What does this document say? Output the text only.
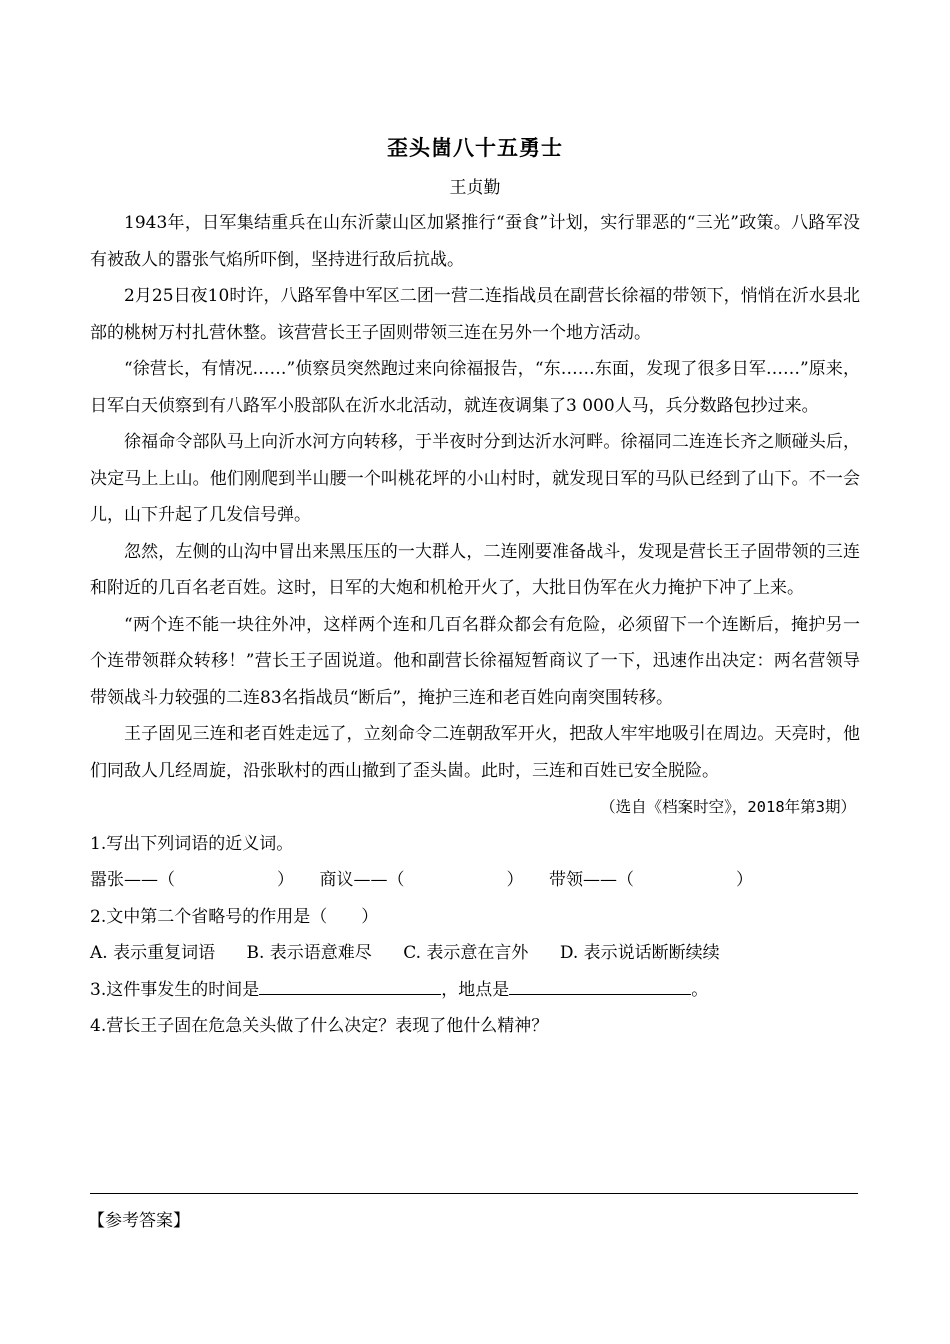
歪头崮八十五勇士
王贞勤

1943年，日军集结重兵在山东沂蒙山区加紧推行“蚕食”计划，实行罪恶的“三光”政策。八路军没有被敌人的嚣张气焰所吓倒，坚持进行敌后抗战。

2月25日夜10时许，八路军鲁中军区二团一营二连指战员在副营长徐福的带领下，悄悄在沂水县北部的桃树万村扎营休整。该营营长王子固则带领三连在另外一个地方活动。

“徐营长，有情况……”侦察员突然跑过来向徐福报告，“东……东面，发现了很多日军……”原来，日军白天侦察到有八路军小股部队在沂水北活动，就连夜调集了3 000人马，兵分数路包抄过来。

徐福命令部队马上向沂水河方向转移，于半夜时分到达沂水河畔。徐福同二连连长齐之顺碰头后，决定马上上山。他们刚爬到半山腰一个叫桃花坪的小山村时，就发现日军的马队已经到了山下。不一会儿，山下升起了几发信号弹。

忽然，左侧的山沟中冒出来黑压压的一大群人，二连刚要准备战斗，发现是营长王子固带领的三连和附近的几百名老百姓。这时，日军的大炮和机枪开火了，大批日伪军在火力掩护下冲了上来。

“两个连不能一块往外冲，这样两个连和几百名群众都会有危险，必须留下一个连断后，掩护另一个连带领群众转移！”营长王子固说道。他和副营长徐福短暂商议了一下，迅速作出决定：两名营领导带领战斗力较强的二连83名指战员“断后”，掩护三连和老百姓向南突围转移。

王子固见三连和老百姓走远了，立刻命令二连朝敌军开火，把敌人牢牢地吸引在周边。天亮时，他们同敌人几经周旋，沿张耿村的西山撤到了歪头崮。此时，三连和百姓已安全脱险。

（选自《档案时空》，2018年第3期）

1.写出下列词语的近义词。

嚣张——（　　　　　　）　　商议——（　　　　　　）　　带领——（　　　　　　）

2.文中第二个省略号的作用是（　　）

A. 表示重复词语 B. 表示语意难尽 C. 表示意在言外 D. 表示说话断断续续

3.这件事发生的时间是	，地点是	。

4.营长王子固在危急关头做了什么决定？表现了他什么精神？

【参考答案】
